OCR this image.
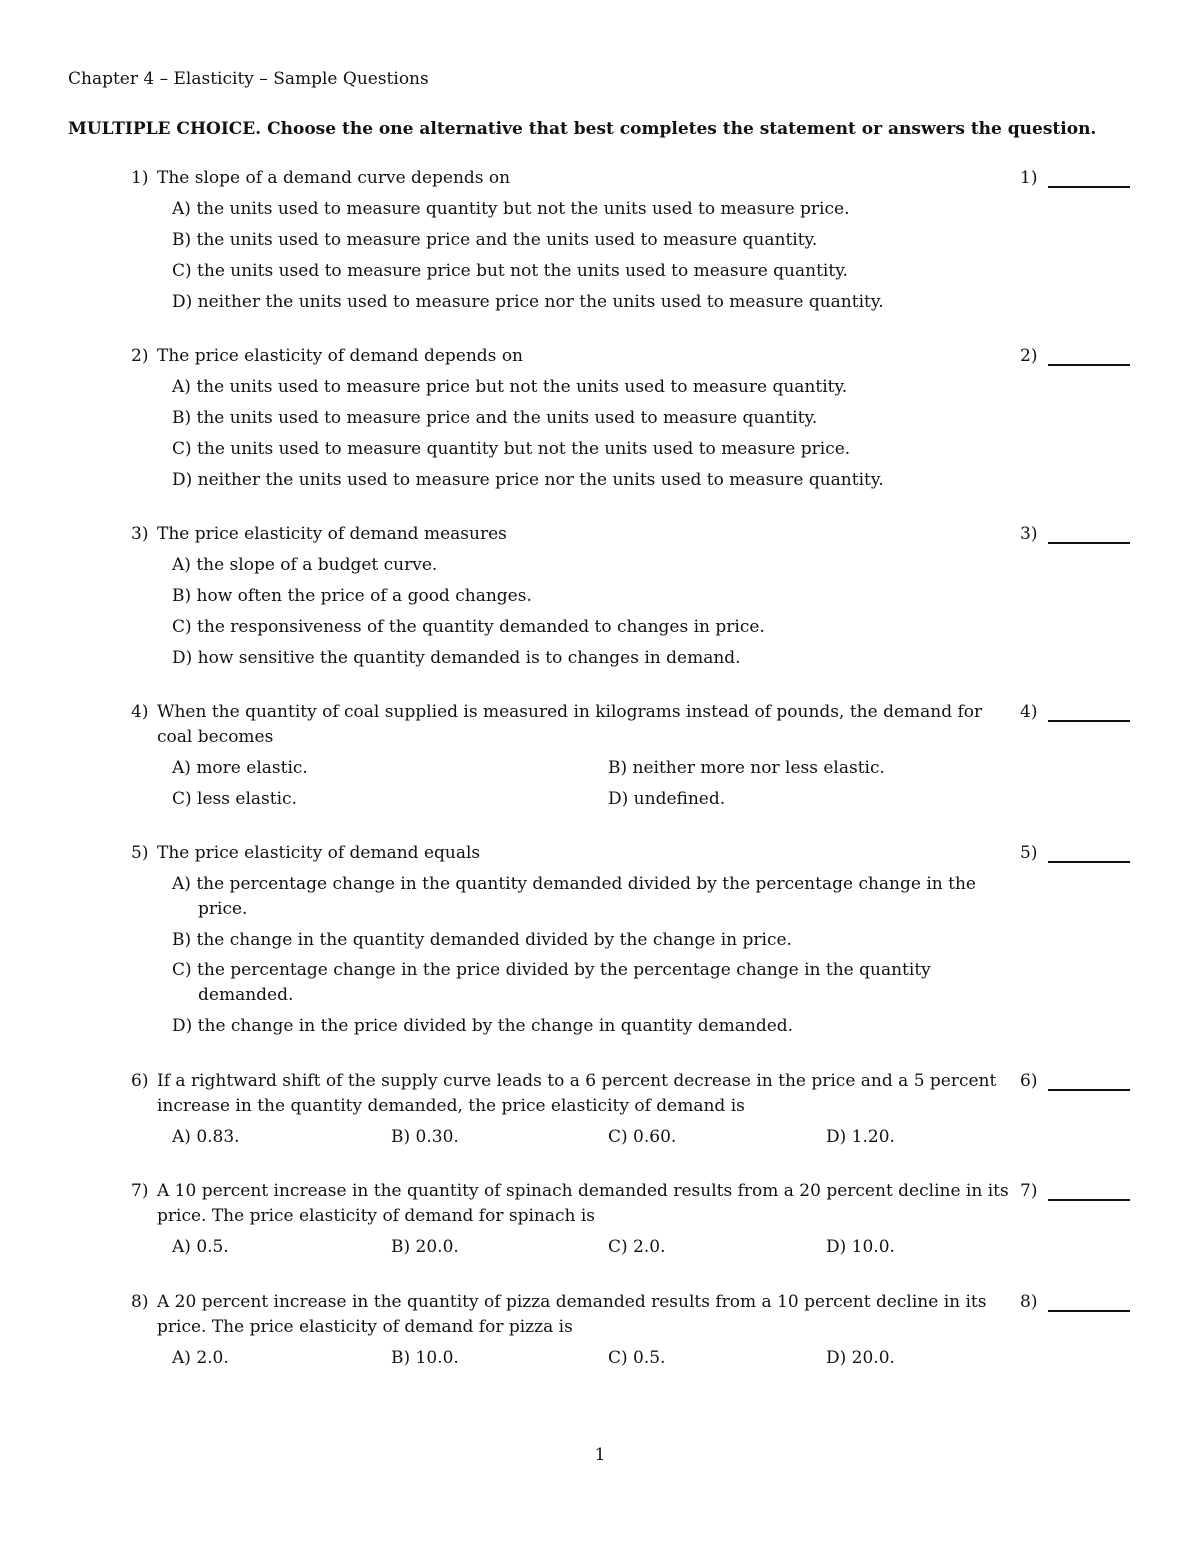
Chapter 4 – Elasticity – Sample Questions
MULTIPLE CHOICE. Choose the one alternative that best completes the statement or answers the question.
1) The slope of a demand curve depends on
A) the units used to measure quantity but not the units used to measure price.
B) the units used to measure price and the units used to measure quantity.
C) the units used to measure price but not the units used to measure quantity.
D) neither the units used to measure price nor the units used to measure quantity.
1)
2) The price elasticity of demand depends on
A) the units used to measure price but not the units used to measure quantity.
B) the units used to measure price and the units used to measure quantity.
C) the units used to measure quantity but not the units used to measure price.
D) neither the units used to measure price nor the units used to measure quantity.
2)
3) The price elasticity of demand measures
A) the slope of a budget curve.
B) how often the price of a good changes.
C) the responsiveness of the quantity demanded to changes in price.
D) how sensitive the quantity demanded is to changes in demand.
3)
4) When the quantity of coal supplied is measured in kilograms instead of pounds, the demand for
coal becomes
A) more elastic.	B) neither more nor less elastic.
C) less elastic.	D) undefined.
4)
5) The price elasticity of demand equals
A) the percentage change in the quantity demanded divided by the percentage change in the
price.
B) the change in the quantity demanded divided by the change in price.
C) the percentage change in the price divided by the percentage change in the quantity
demanded.
D) the change in the price divided by the change in quantity demanded.
5)
6) If a rightward shift of the supply curve leads to a 6 percent decrease in the price and a 5 percent
increase in the quantity demanded, the price elasticity of demand is
A) 0.83.	B) 0.30.	C) 0.60.	D) 1.20.
6)
7) A 10 percent increase in the quantity of spinach demanded results from a 20 percent decline in its
price. The price elasticity of demand for spinach is
A) 0.5.	B) 20.0.	C) 2.0.	D) 10.0.
7)
8) A 20 percent increase in the quantity of pizza demanded results from a 10 percent decline in its
price. The price elasticity of demand for pizza is
A) 2.0.	B) 10.0.	C) 0.5.	D) 20.0.
8)
1
